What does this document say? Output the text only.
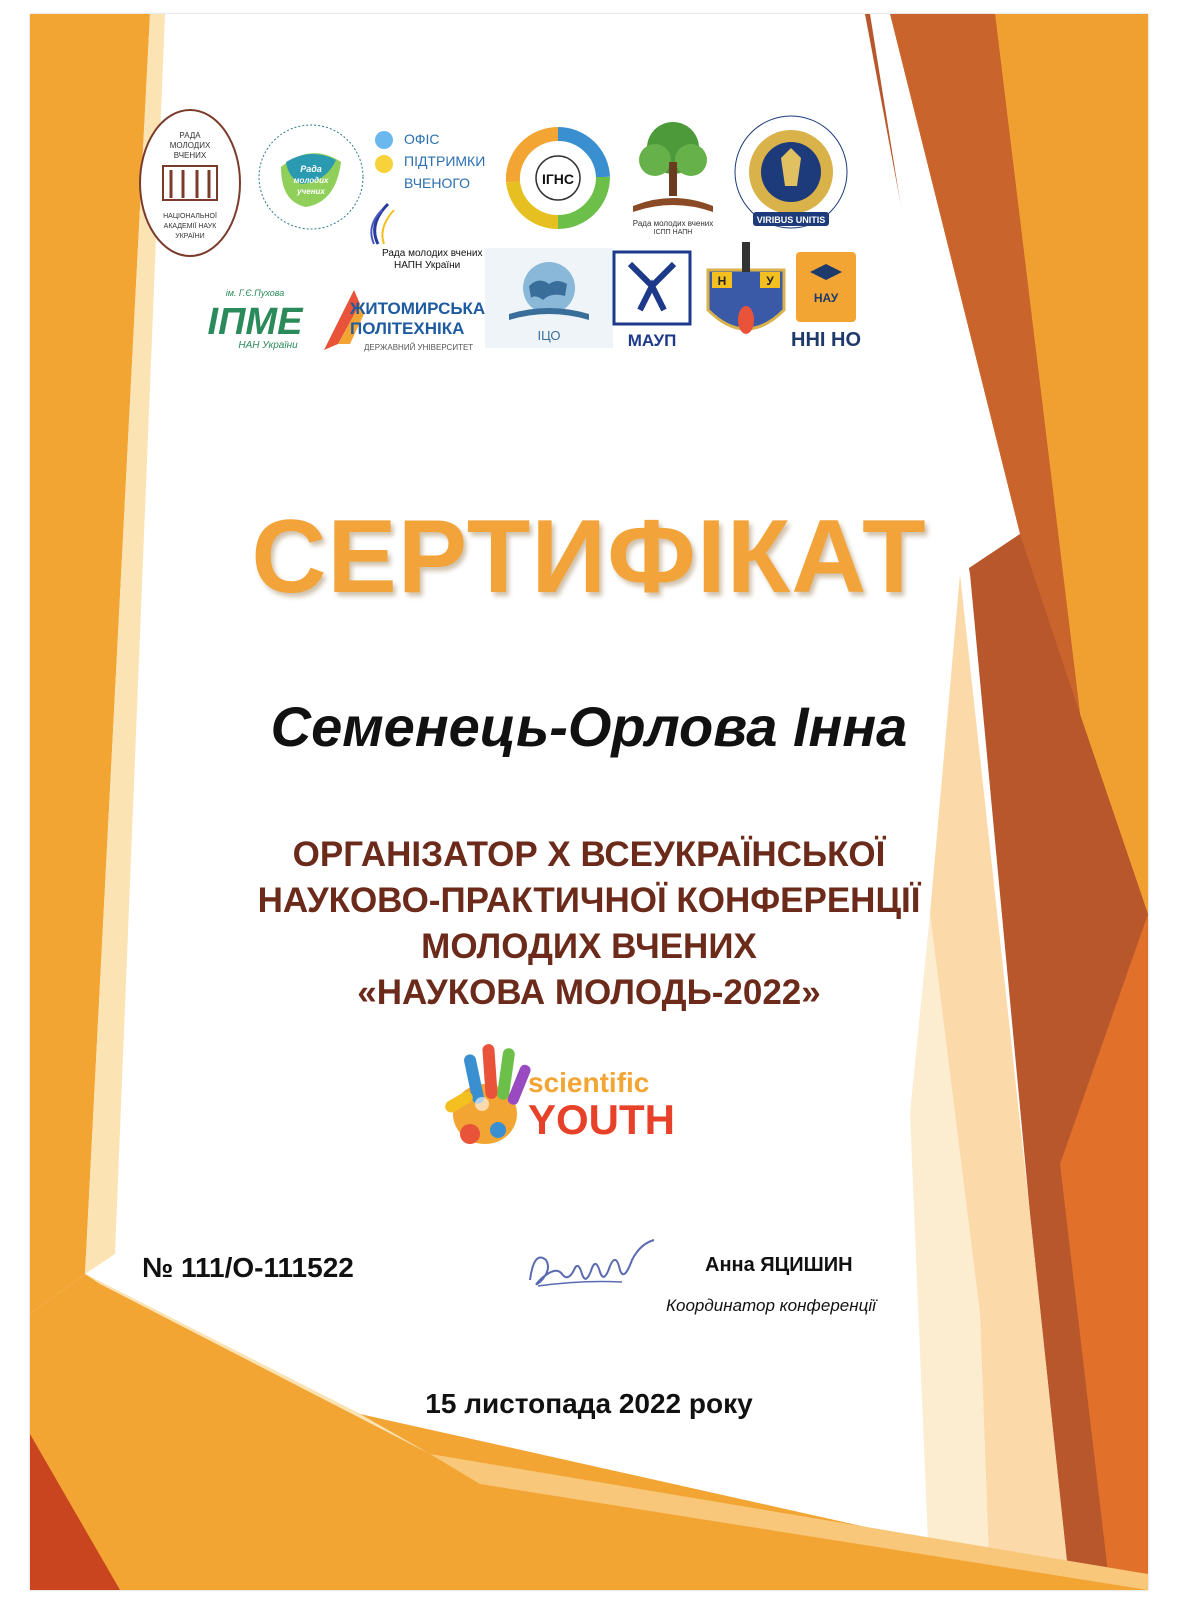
РАДА
МОЛОДИХ
ВЧЕНИХ
НАЦІОНАЛЬНОЇ
АКАДЕМІЇ НАУК
УКРАЇНИ
Рада
молодих
учених
ОФІС
ПІДТРИМКИ
ВЧЕНОГО	ІГНС
Рада молодих вчених
ІСПП НАПН
VIRIBUS UNITIS
Рада молодих вчених
НАПН України
ім. Г.Є.Пухова
ІПМЕ
НАН України
ЖИТОМИРСЬКА
ПОЛІТЕХНІКА
ДЕРЖАВНИЙ УНІВЕРСИТЕТ
ІЦО	МАУП
Н	У
НАУ
ННІ НО
СЕРТИФІКАТ
Семенець-Орлова Інна
ОРГАНІЗАТОР X ВСЕУКРАЇНСЬКОЇ
НАУКОВО-ПРАКТИЧНОЇ КОНФЕРЕНЦІЇ
МОЛОДИХ ВЧЕНИХ
«НАУКОВА МОЛОДЬ-2022»
scientific
YOUTH
№ 111/О-111522	Анна ЯЦИШИН
Координатор конференції
15 листопада 2022 року
